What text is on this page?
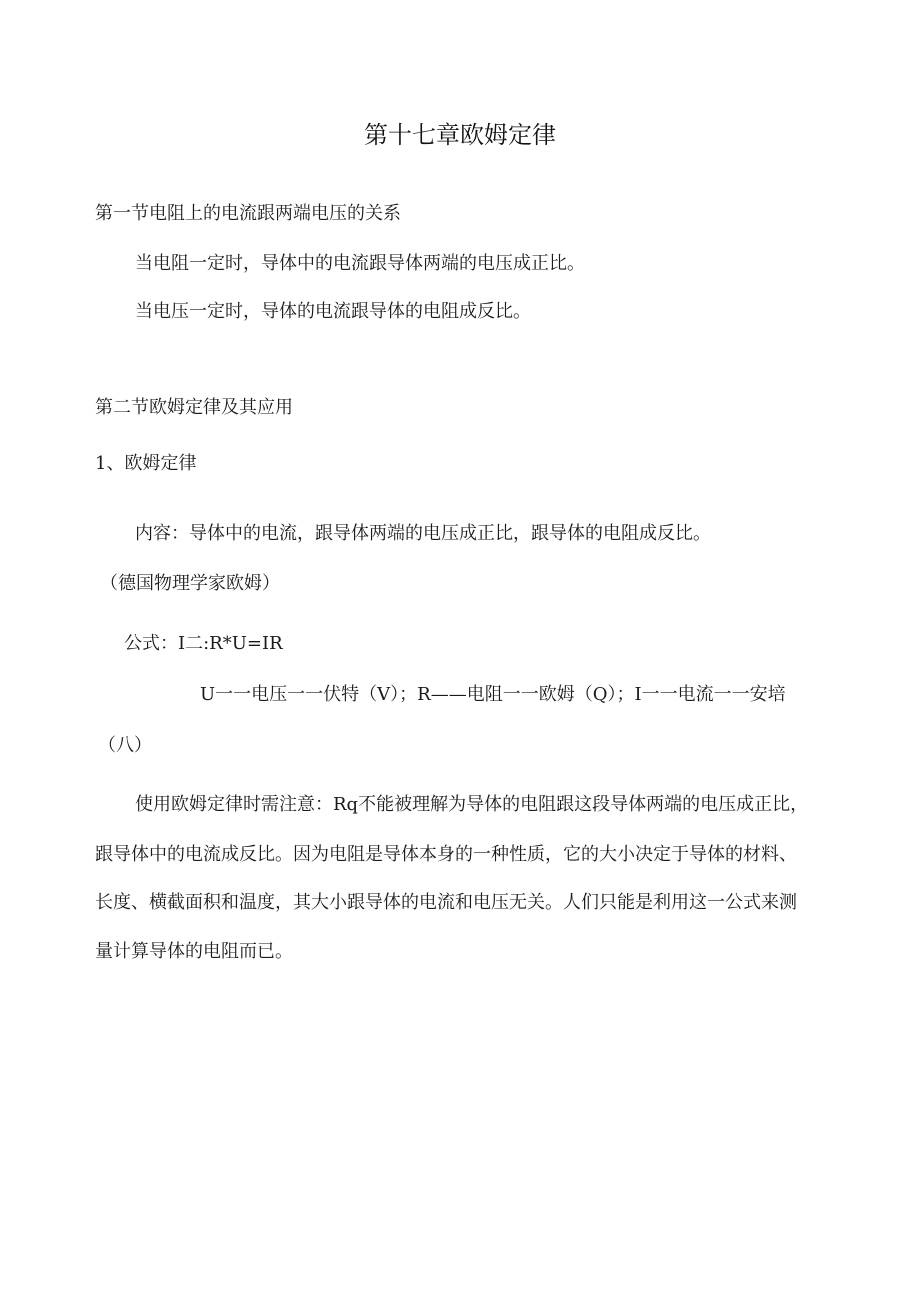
第十七章欧姆定律
第一节电阻上的电流跟两端电压的关系
当电阻一定时，导体中的电流跟导体两端的电压成正比。
当电压一定时，导体的电流跟导体的电阻成反比。
第二节欧姆定律及其应用
1、欧姆定律
内容：导体中的电流，跟导体两端的电压成正比，跟导体的电阻成反比。
（德国物理学家欧姆）
公式：I二:R*U=IR
U一一电压一一伏特（V）；R——电阻一一欧姆（Q）；I一一电流一一安培
（八）
使用欧姆定律时需注意：Rq不能被理解为导体的电阻跟这段导体两端的电压成正比，
跟导体中的电流成反比。因为电阻是导体本身的一种性质，它的大小决定于导体的材料、
长度、横截面积和温度，其大小跟导体的电流和电压无关。人们只能是利用这一公式来测
量计算导体的电阻而已。
